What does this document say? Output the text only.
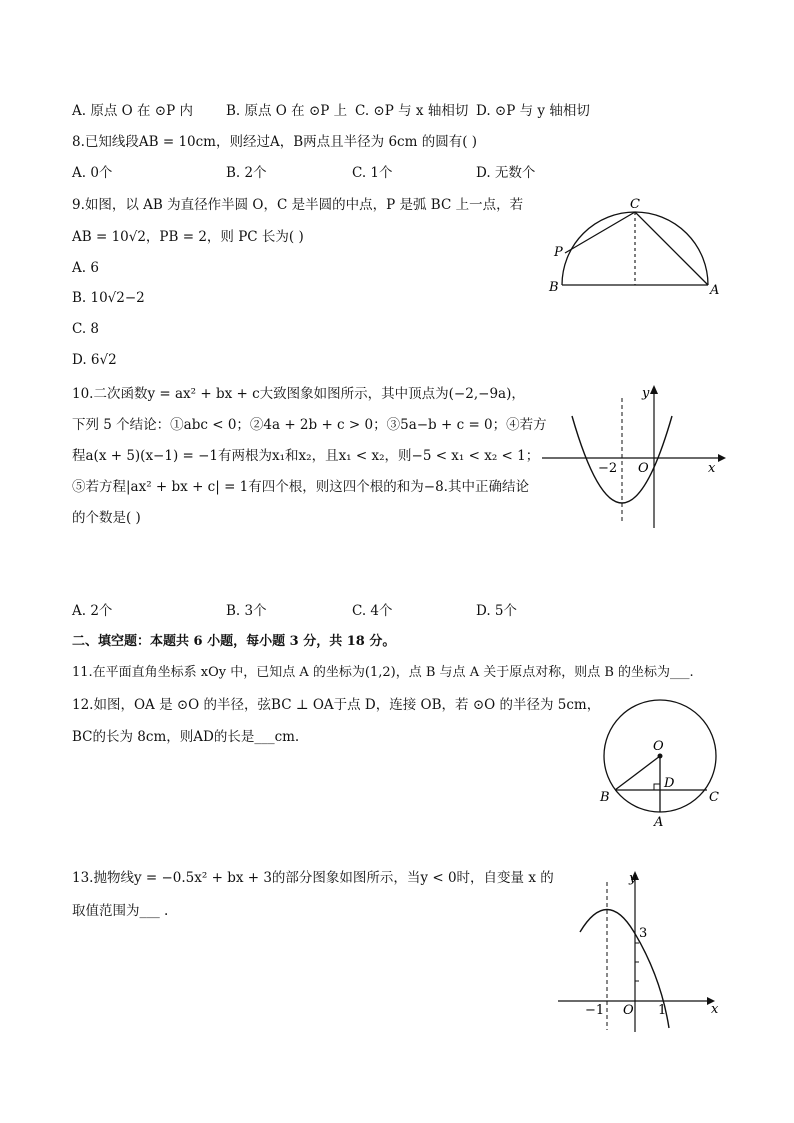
A. 原点 O 在 ⊙P 内 B. 原点 O 在 ⊙P 上 C. ⊙P 与 x 轴相切 D. ⊙P 与 y 轴相切
8.已知线段AB = 10cm，则经过A，B两点且半径为 6cm 的圆有( )
A. 0个	B. 2个	C. 1个	D. 无数个
9.如图，以 AB 为直径作半圆 O，C 是半圆的中点，P 是弧 BC 上一点，若
AB = 10√2，PB = 2，则 PC 长为( )
A. 6
B. 10√2−2
C. 8
D. 6√2
C
P
B	A
10.二次函数y = ax² + bx + c大致图象如图所示，其中顶点为(−2,−9a)，
下列 5 个结论：①abc < 0；②4a + 2b + c > 0；③5a−b + c = 0；④若方
程a(x + 5)(x−1) = −1有两根为x₁和x₂，且x₁ < x₂，则−5 < x₁ < x₂ < 1；
⑤若方程|ax² + bx + c| = 1有四个根，则这四个根的和为−8.其中正确结论
的个数是( )
y
x
O
−2
A. 2个	B. 3个	C. 4个	D. 5个
二、填空题：本题共 6 小题，每小题 3 分，共 18 分。
11.在平面直角坐标系 xOy 中，已知点 A 的坐标为(1,2)，点 B 与点 A 关于原点对称，则点 B 的坐标为___.
12.如图，OA 是 ⊙O 的半径，弦BC ⊥ OA于点 D，连接 OB，若 ⊙O 的半径为 5cm，
BC的长为 8cm，则AD的长是___cm.
O
D
B	C
A
13.抛物线y = −0.5x² + bx + 3的部分图象如图所示，当y < 0时，自变量 x 的
取值范围为___ .
y
x
O
3
−1	1
